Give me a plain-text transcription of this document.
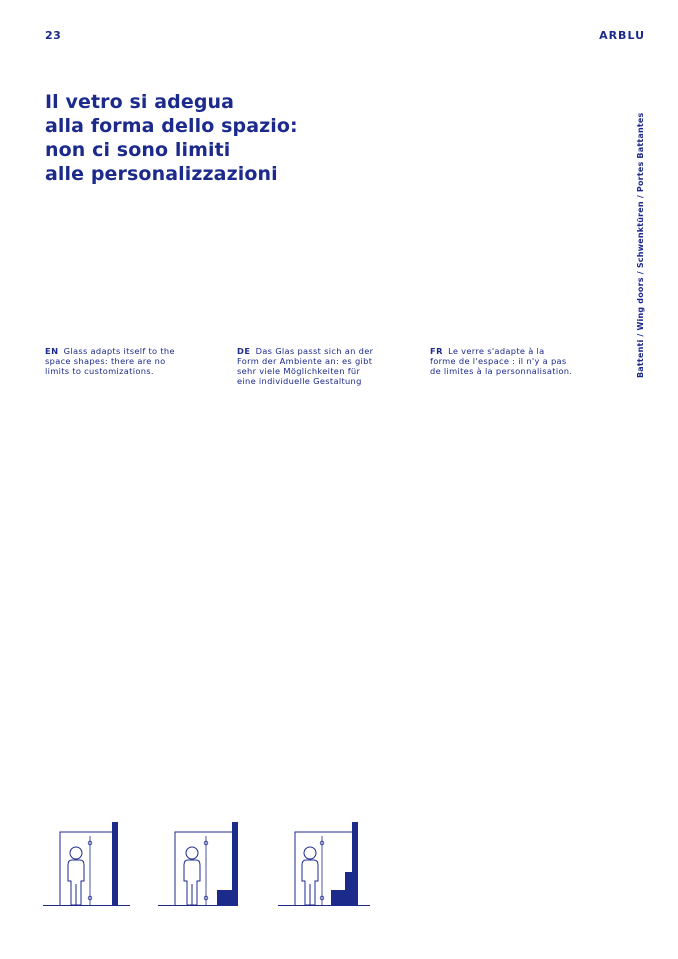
23	ARBLU
Il vetro si adegua
alla forma dello spazio:
non ci sono limiti
alle personalizzazioni	Battenti / Wing doors / Schwenktüren / Portes Battantes
EN Glass adapts itself to the
space shapes: there are no
limits to customizations.
DE Das Glas passt sich an der
Form der Ambiente an: es gibt
sehr viele Möglichkeiten für
eine individuelle Gestaltung
FR Le verre s'adapte à la
forme de l'espace : il n'y a pas
de limites à la personnalisation.
